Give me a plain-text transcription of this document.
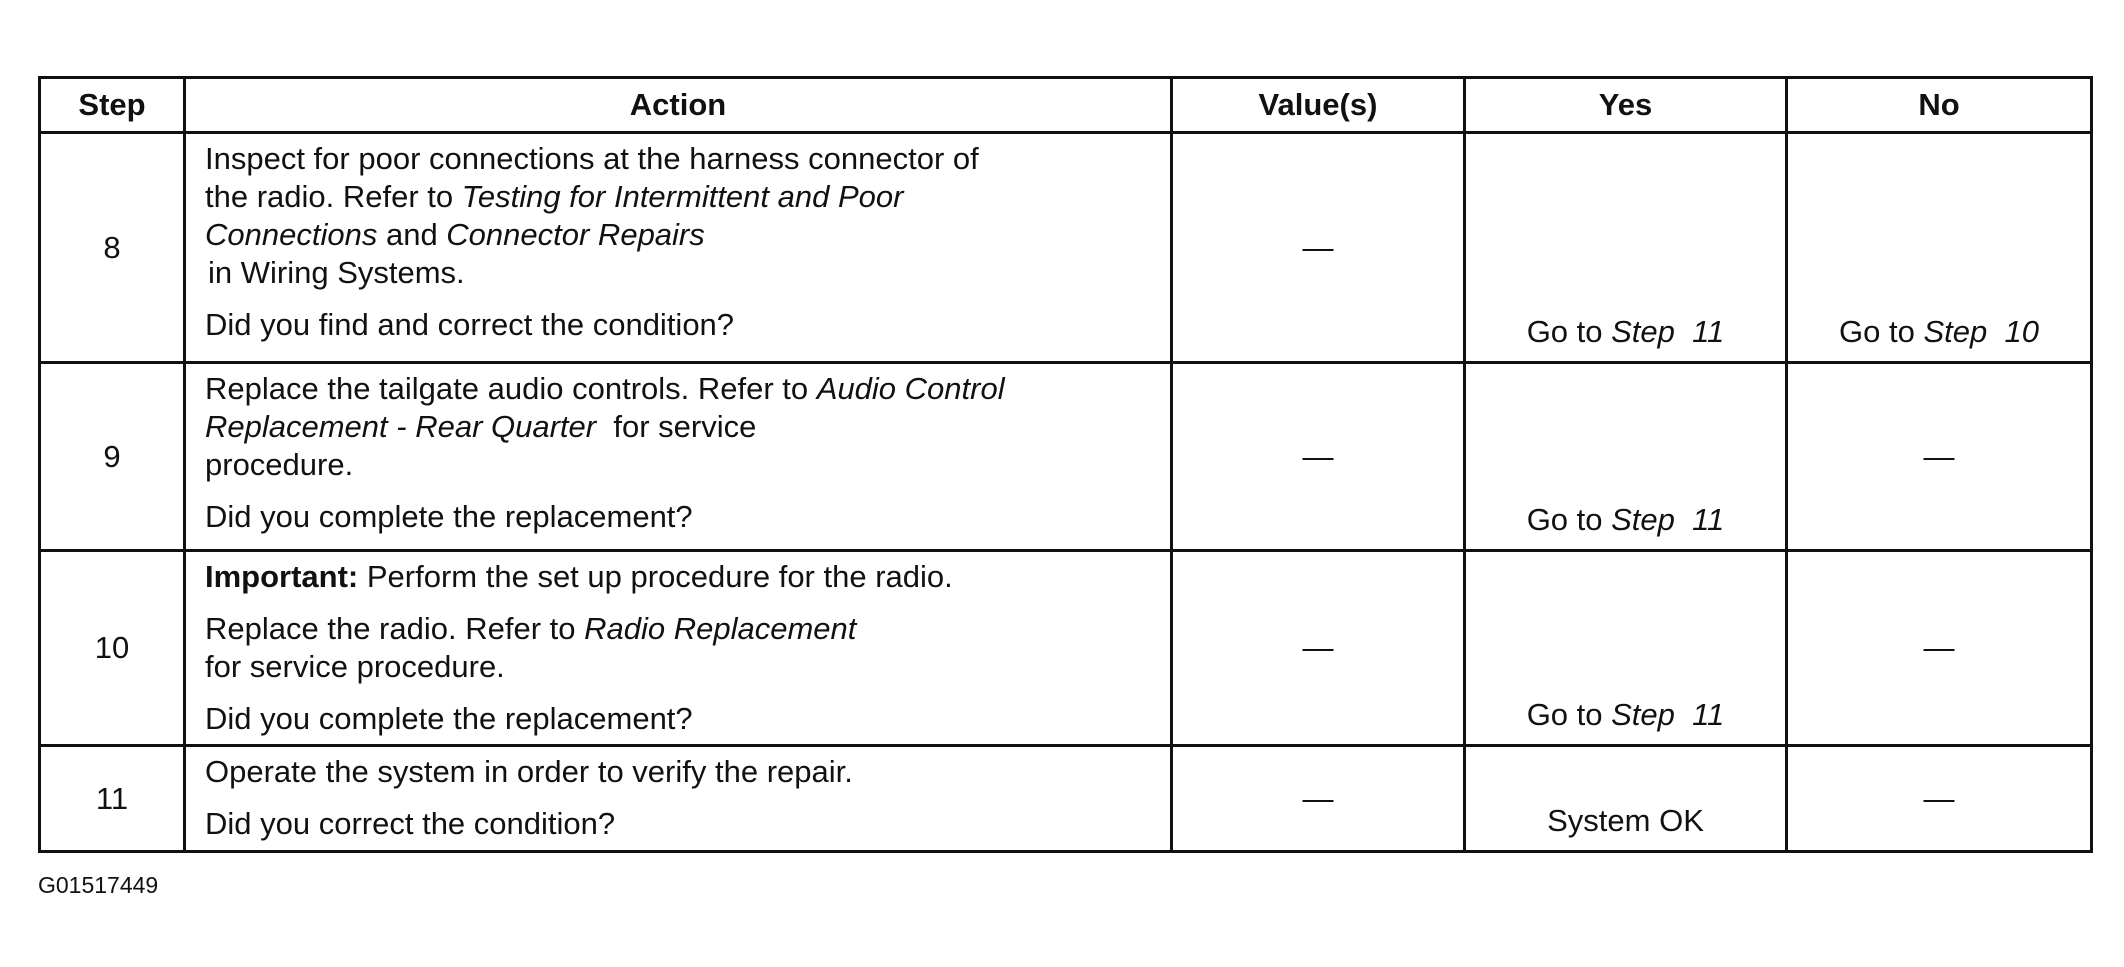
Step	Action	Value(s)	Yes	No
8	Inspect for poor connections at the harness connector of
the radio. Refer to Testing for Intermittent and Poor
Connections and Connector Repairs
in Wiring Systems.
Did you find and correct the condition?	—	Go to Step  11	Go to Step  10
9	Replace the tailgate audio controls. Refer to Audio Control
Replacement - Rear Quarter  for service
procedure.
Did you complete the replacement?	—	Go to Step  11	—
10	Important: Perform the set up procedure for the radio.
Replace the radio. Refer to Radio Replacement
for service procedure.
Did you complete the replacement?	—	Go to Step  11	—
11	Operate the system in order to verify the repair.
Did you correct the condition?	—	System OK	—
G01517449
